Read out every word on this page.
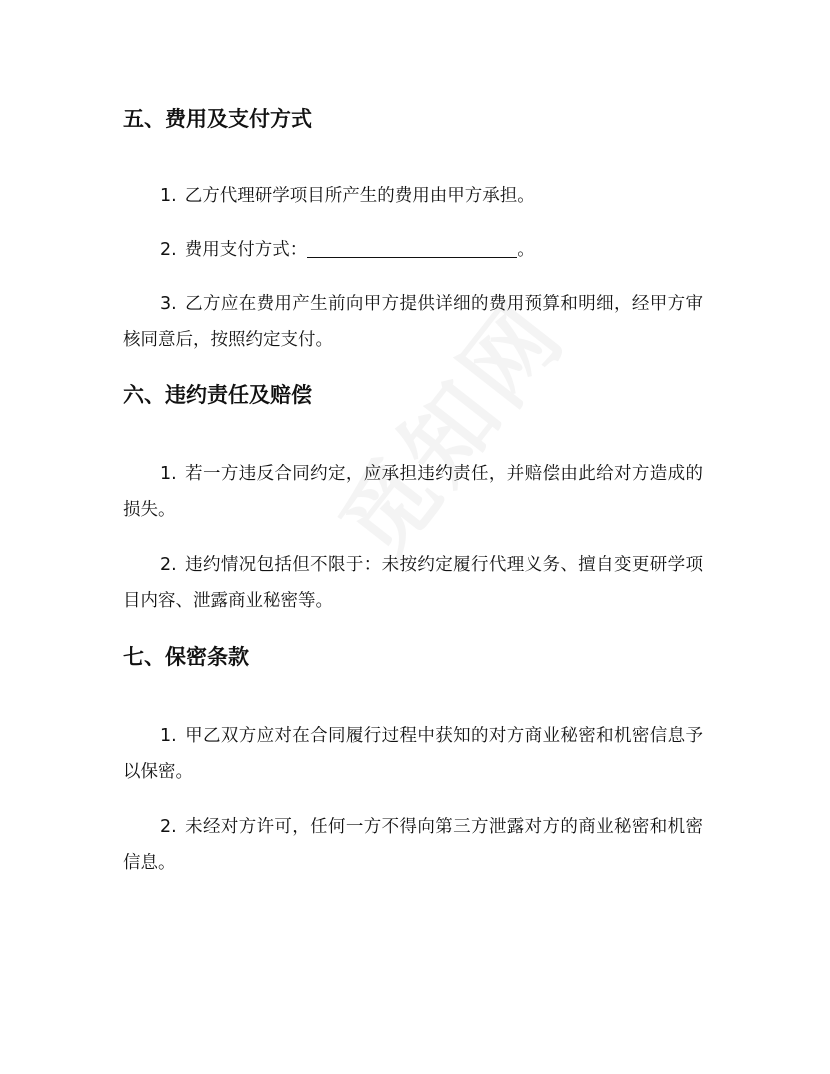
五、费用及支付方式
1. 乙方代理研学项目所产生的费用由甲方承担。
2. 费用支付方式：	。
3. 乙方应在费用产生前向甲方提供详细的费用预算和明细，经甲方审核同意后，按照约定支付。
六、违约责任及赔偿
1. 若一方违反合同约定，应承担违约责任，并赔偿由此给对方造成的损失。
2. 违约情况包括但不限于：未按约定履行代理义务、擅自变更研学项目内容、泄露商业秘密等。
七、保密条款
1. 甲乙双方应对在合同履行过程中获知的对方商业秘密和机密信息予以保密。
2. 未经对方许可，任何一方不得向第三方泄露对方的商业秘密和机密信息。
